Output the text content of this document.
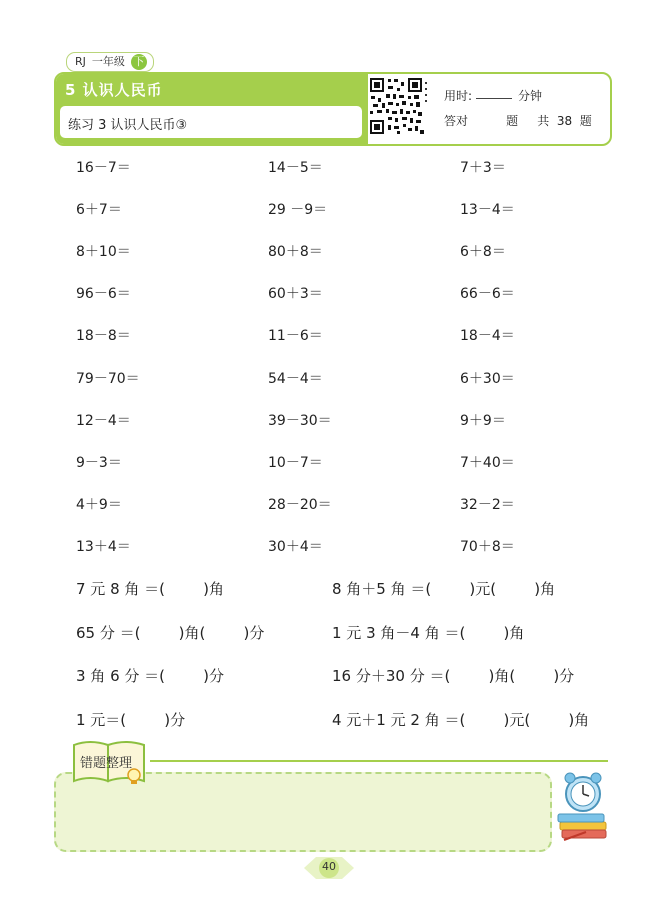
RJ 一年级 下
5 认识人民币
练习 3 认识人民币③
用时:	分钟
答对          题     共  38  题
16－7＝	14－5＝	7＋3＝
6＋7＝	29 －9＝	13－4＝
8＋10＝	80＋8＝	6＋8＝
96－6＝	60＋3＝	66－6＝
18－8＝	11－6＝	18－4＝
79－70＝	54－4＝	6＋30＝
12－4＝	39－30＝	9＋9＝
9－3＝	10－7＝	7＋40＝
4＋9＝	28－20＝	32－2＝
13＋4＝	30＋4＝	70＋8＝
7 元 8 角 ＝(        )角	8 角＋5 角 ＝(        )元(        )角
65 分 ＝(        )角(        )分	1 元 3 角－4 角 ＝(        )角
3 角 6 分 ＝(        )分	16 分＋30 分 ＝(        )角(        )分
1 元＝(        )分	4 元＋1 元 2 角 ＝(        )元(        )角
错题整理
40
